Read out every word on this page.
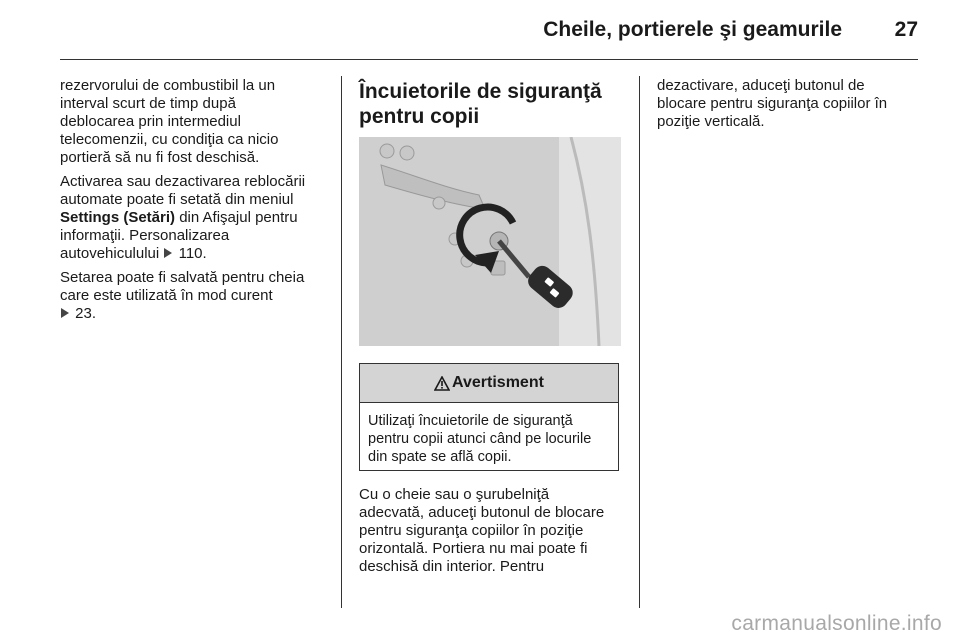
Cheile, portierele şi geamurile	27

rezervorului de combustibil la un
interval scurt de timp după
deblocarea prin intermediul
telecomenzii, cu condiţia ca nicio
portieră să nu fi fost deschisă.

Activarea sau dezactivarea reblocării
automate poate fi setată din meniul
Settings (Setări) din Afişajul pentru
informaţii. Personalizarea
autovehiculului 110.

Setarea poate fi salvată pentru cheia
care este utilizată în mod curent
23.

Încuietorile de siguranţă
pentru copii
Avertisment
Utilizaţi încuietorile de siguranţă pentru copii atunci când pe locurile din spate se află copii.

Cu o cheie sau o şurubelniţă
adecvată, aduceţi butonul de blocare
pentru siguranţa copiilor în poziţie
orizontală. Portiera nu mai poate fi
deschisă din interior. Pentru

dezactivare, aduceţi butonul de
blocare pentru siguranţa copiilor în
poziţie verticală.

carmanualsonline.info
